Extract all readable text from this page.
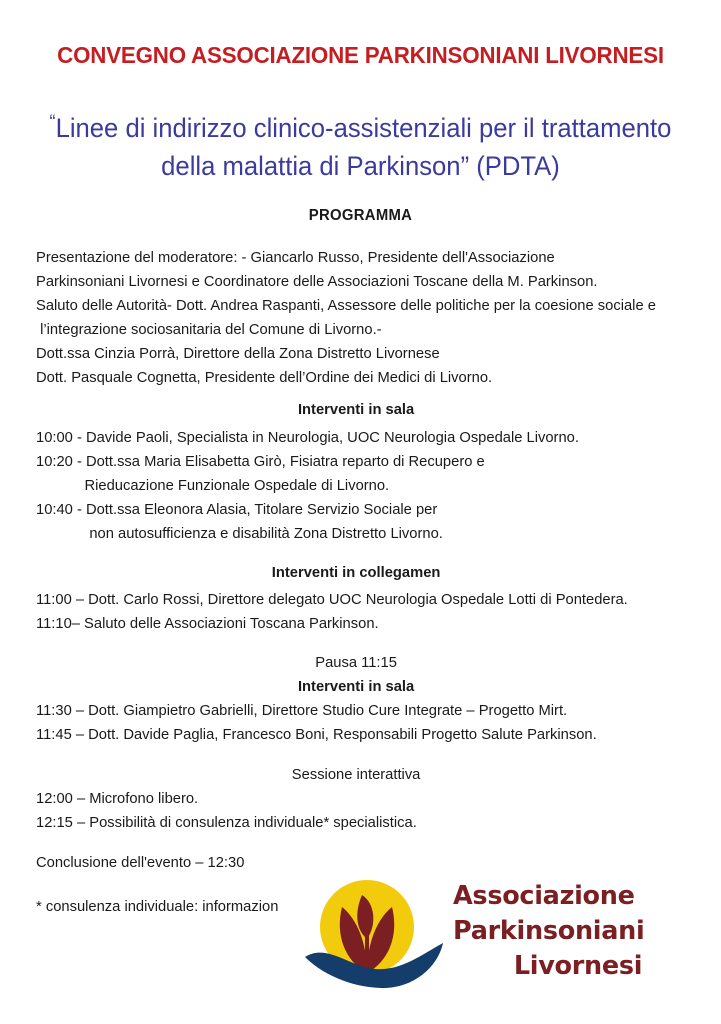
CONVEGNO ASSOCIAZIONE PARKINSONIANI LIVORNESI
“Linee di indirizzo clinico-assistenziali per il trattamento
della malattia di Parkinson” (PDTA)
PROGRAMMA
Presentazione del moderatore: - Giancarlo Russo, Presidente dell'Associazione
Parkinsoniani Livornesi e Coordinatore delle Associazioni Toscane della M. Parkinson.
Saluto delle Autorità- Dott. Andrea Raspanti, Assessore delle politiche per la coesione sociale e
l’integrazione sociosanitaria del Comune di Livorno.-
Dott.ssa Cinzia Porrà, Direttore della Zona Distretto Livornese
Dott. Pasquale Cognetta, Presidente dell’Ordine dei Medici di Livorno.
Interventi in sala
10:00 - Davide Paoli, Specialista in Neurologia, UOC Neurologia Ospedale Livorno.
10:20 - Dott.ssa Maria Elisabetta Girò, Fisiatra reparto di Recupero e
Rieducazione Funzionale Ospedale di Livorno.
10:40 - Dott.ssa Eleonora Alasia, Titolare Servizio Sociale per
non autosufficienza e disabilità Zona Distretto Livorno.
Interventi in collegamen
11:00 – Dott. Carlo Rossi, Direttore delegato UOC Neurologia Ospedale Lotti di Pontedera.
11:10– Saluto delle Associazioni Toscana Parkinson.
Pausa 11:15
Interventi in sala
11:30 – Dott. Giampietro Gabrielli, Direttore Studio Cure Integrate – Progetto Mirt.
11:45 – Dott. Davide Paglia, Francesco Boni, Responsabili Progetto Salute Parkinson.
Sessione interattiva
12:00 – Microfono libero.
12:15 – Possibilità di consulenza individuale* specialistica.
Conclusione dell'evento – 12:30
* consulenza individuale: informazion	Associazione
Parkinsoniani
Livornesi
